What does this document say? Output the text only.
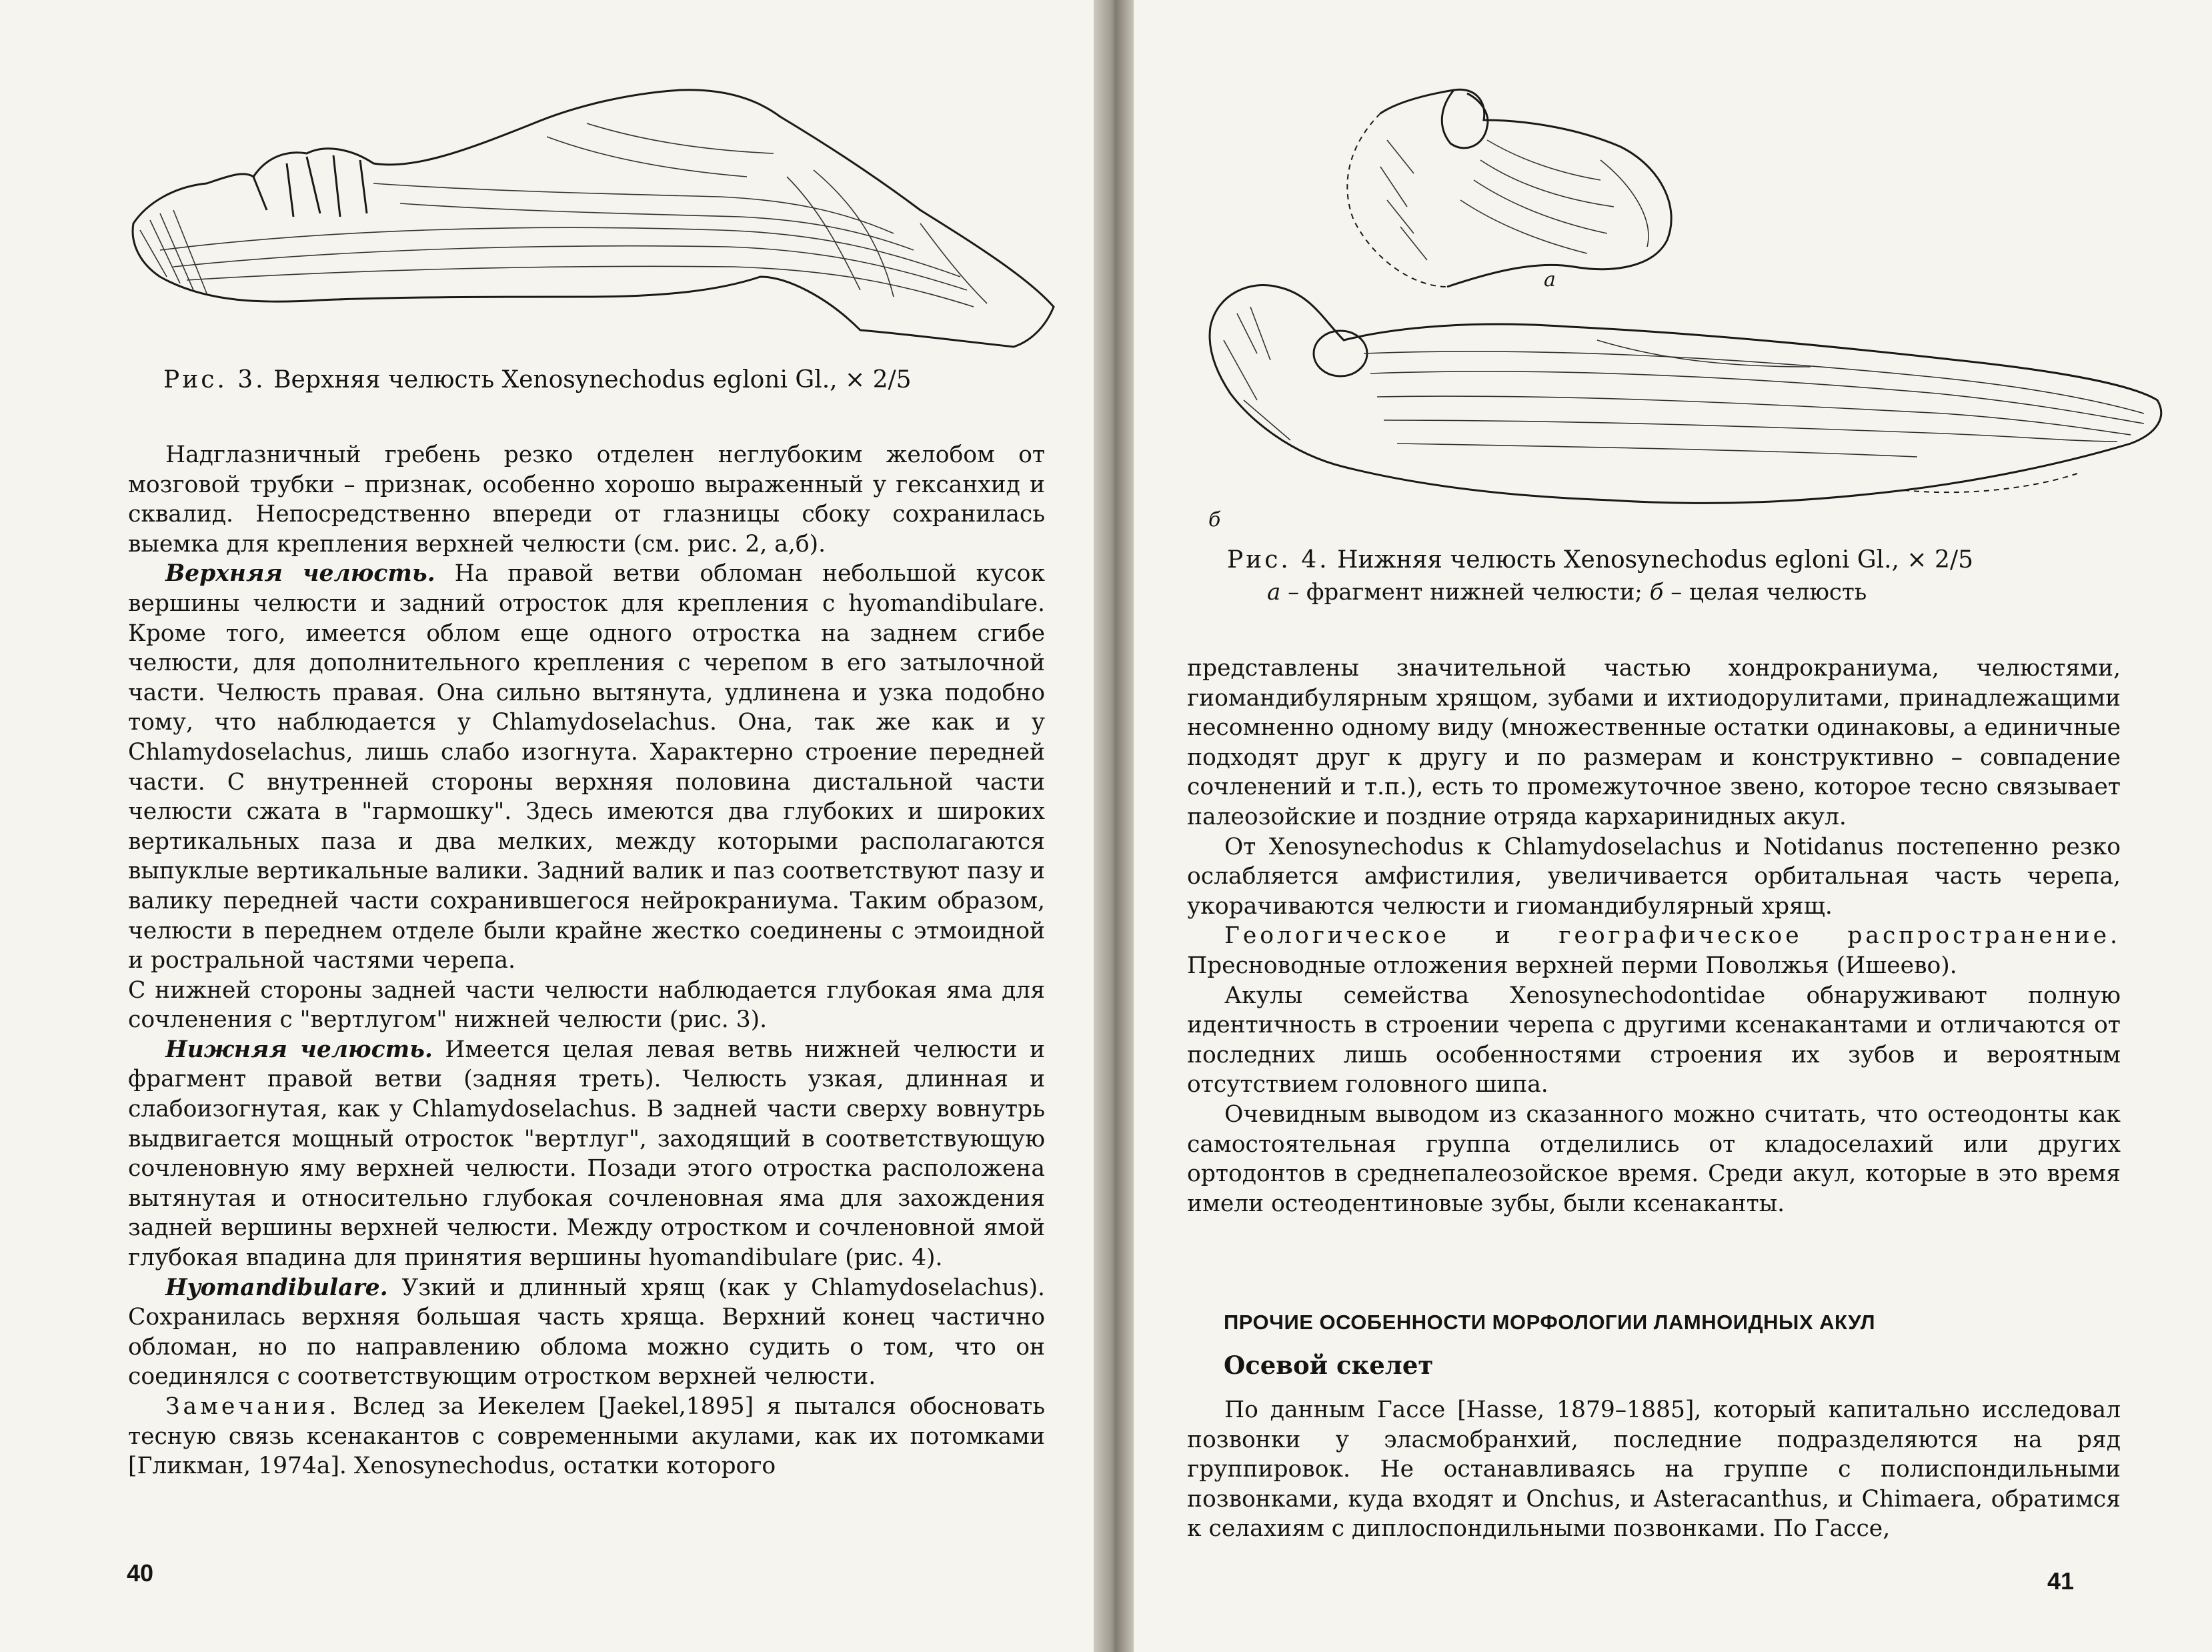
Рис. 3. Верхняя челюсть Xenosynechodus egloni Gl., × 2/5

Надглазничный гребень резко отделен неглубоким желобом от мозговой трубки – признак, особенно хорошо выраженный у гексанхид и сквалид. Непосредственно впереди от глазницы сбоку сохранилась выемка для крепления верхней челюсти (см. рис. 2, а,б).

Верхняя челюсть. На правой ветви обломан небольшой кусок вершины челюсти и задний отросток для крепления с hyomandibulare. Кроме того, имеется облом еще одного отростка на заднем сгибе челюсти, для дополнительного крепления с черепом в его затылочной части. Челюсть правая. Она сильно вытянута, удлинена и узка подобно тому, что наблюдается у Chlamydoselachus. Она, так же как и у Chlamydoselachus, лишь слабо изогнута. Характерно строение передней части. С внутренней стороны верхняя половина дистальной части челюсти сжата в "гармошку". Здесь имеются два глубоких и широких вертикальных паза и два мелких, между которыми располагаются выпуклые вертикальные валики. Задний валик и паз соответствуют пазу и валику передней части сохранившегося нейрокраниума. Таким образом, челюсти в переднем отделе были крайне жестко соединены с этмоидной и ростральной частями черепа.

С нижней стороны задней части челюсти наблюдается глубокая яма для сочленения с "вертлугом" нижней челюсти (рис. 3).

Нижняя челюсть. Имеется целая левая ветвь нижней челюсти и фрагмент правой ветви (задняя треть). Челюсть узкая, длинная и слабоизогнутая, как у Chlamydoselachus. В задней части сверху вовнутрь выдвигается мощный отросток "вертлуг", заходящий в соответствующую сочленовную яму верхней челюсти. Позади этого отростка расположена вытянутая и относительно глубокая сочленовная яма для захождения задней вершины верхней челюсти. Между отростком и сочленовной ямой глубокая впадина для принятия вершины hyomandibulare (рис. 4).

Hyomandibulare. Узкий и длинный хрящ (как у Chlamydoselachus). Сохранилась верхняя большая часть хряща. Верхний конец частично обломан, но по направлению облома можно судить о том, что он соединялся с соответствующим отростком верхней челюсти.

Замечания. Вслед за Иекелем [Jaekel,1895] я пытался обосновать тесную связь ксенакантов с современными акулами, как их потомками [Гликман, 1974а]. Xenosynechodus, остатки которого

40
а
б
Рис. 4. Нижняя челюсть Xenosynechodus egloni Gl., × 2/5
а – фрагмент нижней челюсти; б – целая челюсть

представлены значительной частью хондрокраниума, челюстями, гиомандибулярным хрящом, зубами и ихтиодорулитами, принадлежащими несомненно одному виду (множественные остатки одинаковы, а единичные подходят друг к другу и по размерам и конструктивно – совпадение сочленений и т.п.), есть то промежуточное звено, которое тесно связывает палеозойские и поздние отряда кархаринидных акул.

От Xenosynechodus к Chlamydoselachus и Notidanus постепенно резко ослабляется амфистилия, увеличивается орбитальная часть черепа, укорачиваются челюсти и гиомандибулярный хрящ.

Геологическое и географическое распространение. Пресноводные отложения верхней перми Поволжья (Ишеево).

Акулы семейства Xenosynechodontidae обнаруживают полную идентичность в строении черепа с другими ксенакантами и отличаются от последних лишь особенностями строения их зубов и вероятным отсутствием головного шипа.

Очевидным выводом из сказанного можно считать, что остеодонты как самостоятельная группа отделились от кладоселахий или других ортодонтов в среднепалеозойское время. Среди акул, которые в это время имели остеодентиновые зубы, были ксенаканты.

ПРОЧИЕ ОСОБЕННОСТИ МОРФОЛОГИИ ЛАМНОИДНЫХ АКУЛ
Осевой скелет

По данным Гассе [Hasse, 1879–1885], который капитально исследовал позвонки у эласмобранхий, последние подразделяются на ряд группировок. Не останавливаясь на группе с полиспондильными позвонками, куда входят и Onchus, и Asteracanthus, и Chimaera, обратимся к селахиям с диплоспондильными позвонками. По Гассе,

41
